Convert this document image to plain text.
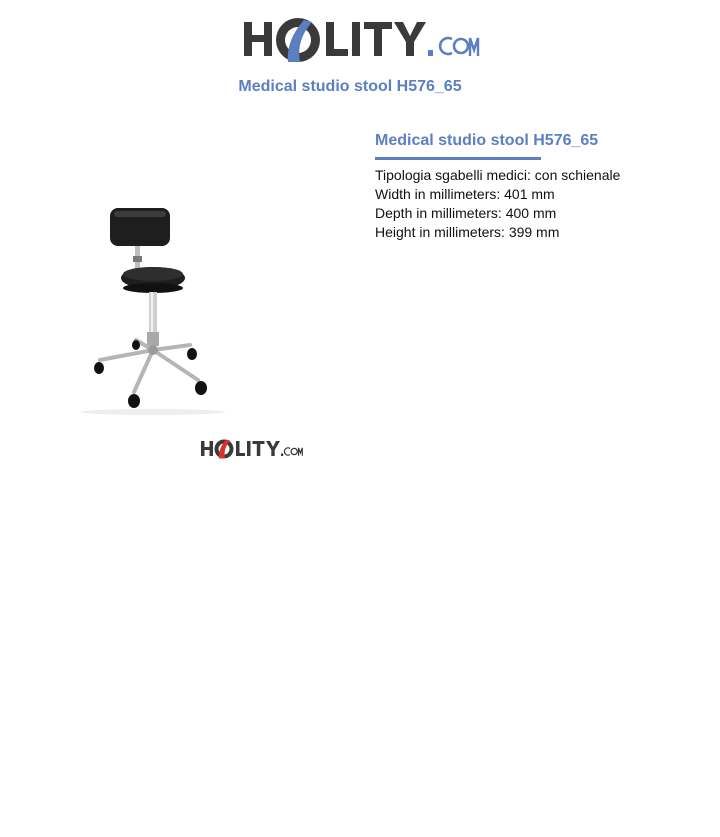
Medical studio stool H576_65
Medical studio stool H576_65

Tipologia sgabelli medici: con schienale

Width in millimeters: 401 mm

Depth in millimeters: 400 mm

Height in millimeters: 399 mm
